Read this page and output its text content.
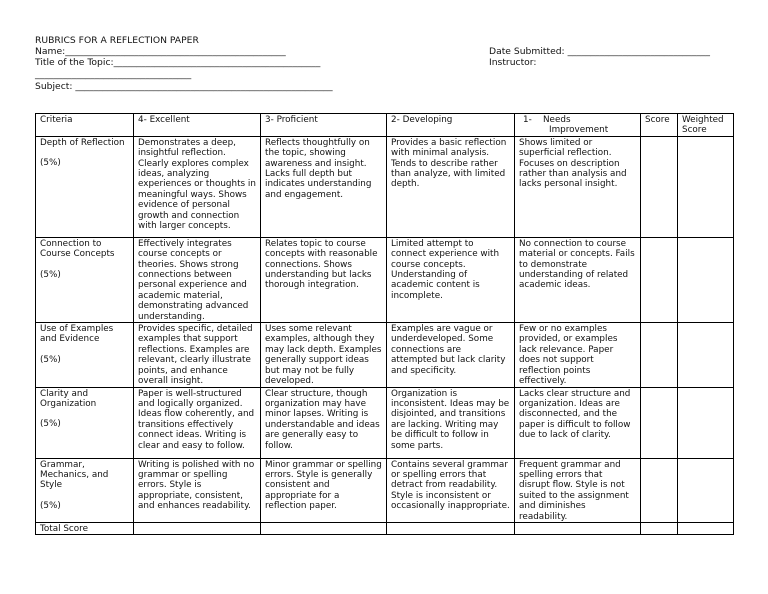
RUBRICS FOR A REFLECTION PAPER
Name:________________________________________________
Title of the Topic:_____________________________________________
__________________________________
Subject: ________________________________________________________
Date Submitted: _______________________________
Instructor:
Criteria	4- Excellent	3- Proficient	2- Developing	1- Needs
Improvement	Score	Weighted Score
Depth of Reflection
(5%)	Demonstrates a deep, insightful reflection. Clearly explores complex ideas, analyzing experiences or thoughts in meaningful ways. Shows evidence of personal growth and connection with larger concepts.	Reflects thoughtfully on the topic, showing awareness and insight. Lacks full depth but indicates understanding and engagement.	Provides a basic reflection with minimal analysis. Tends to describe rather than analyze, with limited depth.	Shows limited or superficial reflection. Focuses on description rather than analysis and lacks personal insight.		
Connection to Course Concepts
(5%)	Effectively integrates course concepts or theories. Shows strong connections between personal experience and academic material, demonstrating advanced understanding.	Relates topic to course concepts with reasonable connections. Shows understanding but lacks thorough integration.	Limited attempt to connect experience with course concepts. Understanding of academic content is incomplete.	No connection to course material or concepts. Fails to demonstrate understanding of related academic ideas.		
Use of Examples and Evidence
(5%)	Provides specific, detailed examples that support reflections. Examples are relevant, clearly illustrate points, and enhance overall insight.	Uses some relevant examples, although they may lack depth. Examples generally support ideas but may not be fully developed.	Examples are vague or underdeveloped. Some connections are attempted but lack clarity and specificity.	Few or no examples provided, or examples lack relevance. Paper does not support reflection points effectively.		
Clarity and Organization
(5%)	Paper is well-structured and logically organized. Ideas flow coherently, and transitions effectively connect ideas. Writing is clear and easy to follow.	Clear structure, though organization may have minor lapses. Writing is understandable and ideas are generally easy to follow.	Organization is inconsistent. Ideas may be disjointed, and transitions are lacking. Writing may be difficult to follow in some parts.	Lacks clear structure and organization. Ideas are disconnected, and the paper is difficult to follow due to lack of clarity.		
Grammar, Mechanics, and Style
(5%)	Writing is polished with no grammar or spelling errors. Style is appropriate, consistent, and enhances readability.	Minor grammar or spelling errors. Style is generally consistent and appropriate for a reflection paper.	Contains several grammar or spelling errors that detract from readability. Style is inconsistent or occasionally inappropriate.	Frequent grammar and spelling errors that disrupt flow. Style is not suited to the assignment and diminishes readability.		
Total Score						
